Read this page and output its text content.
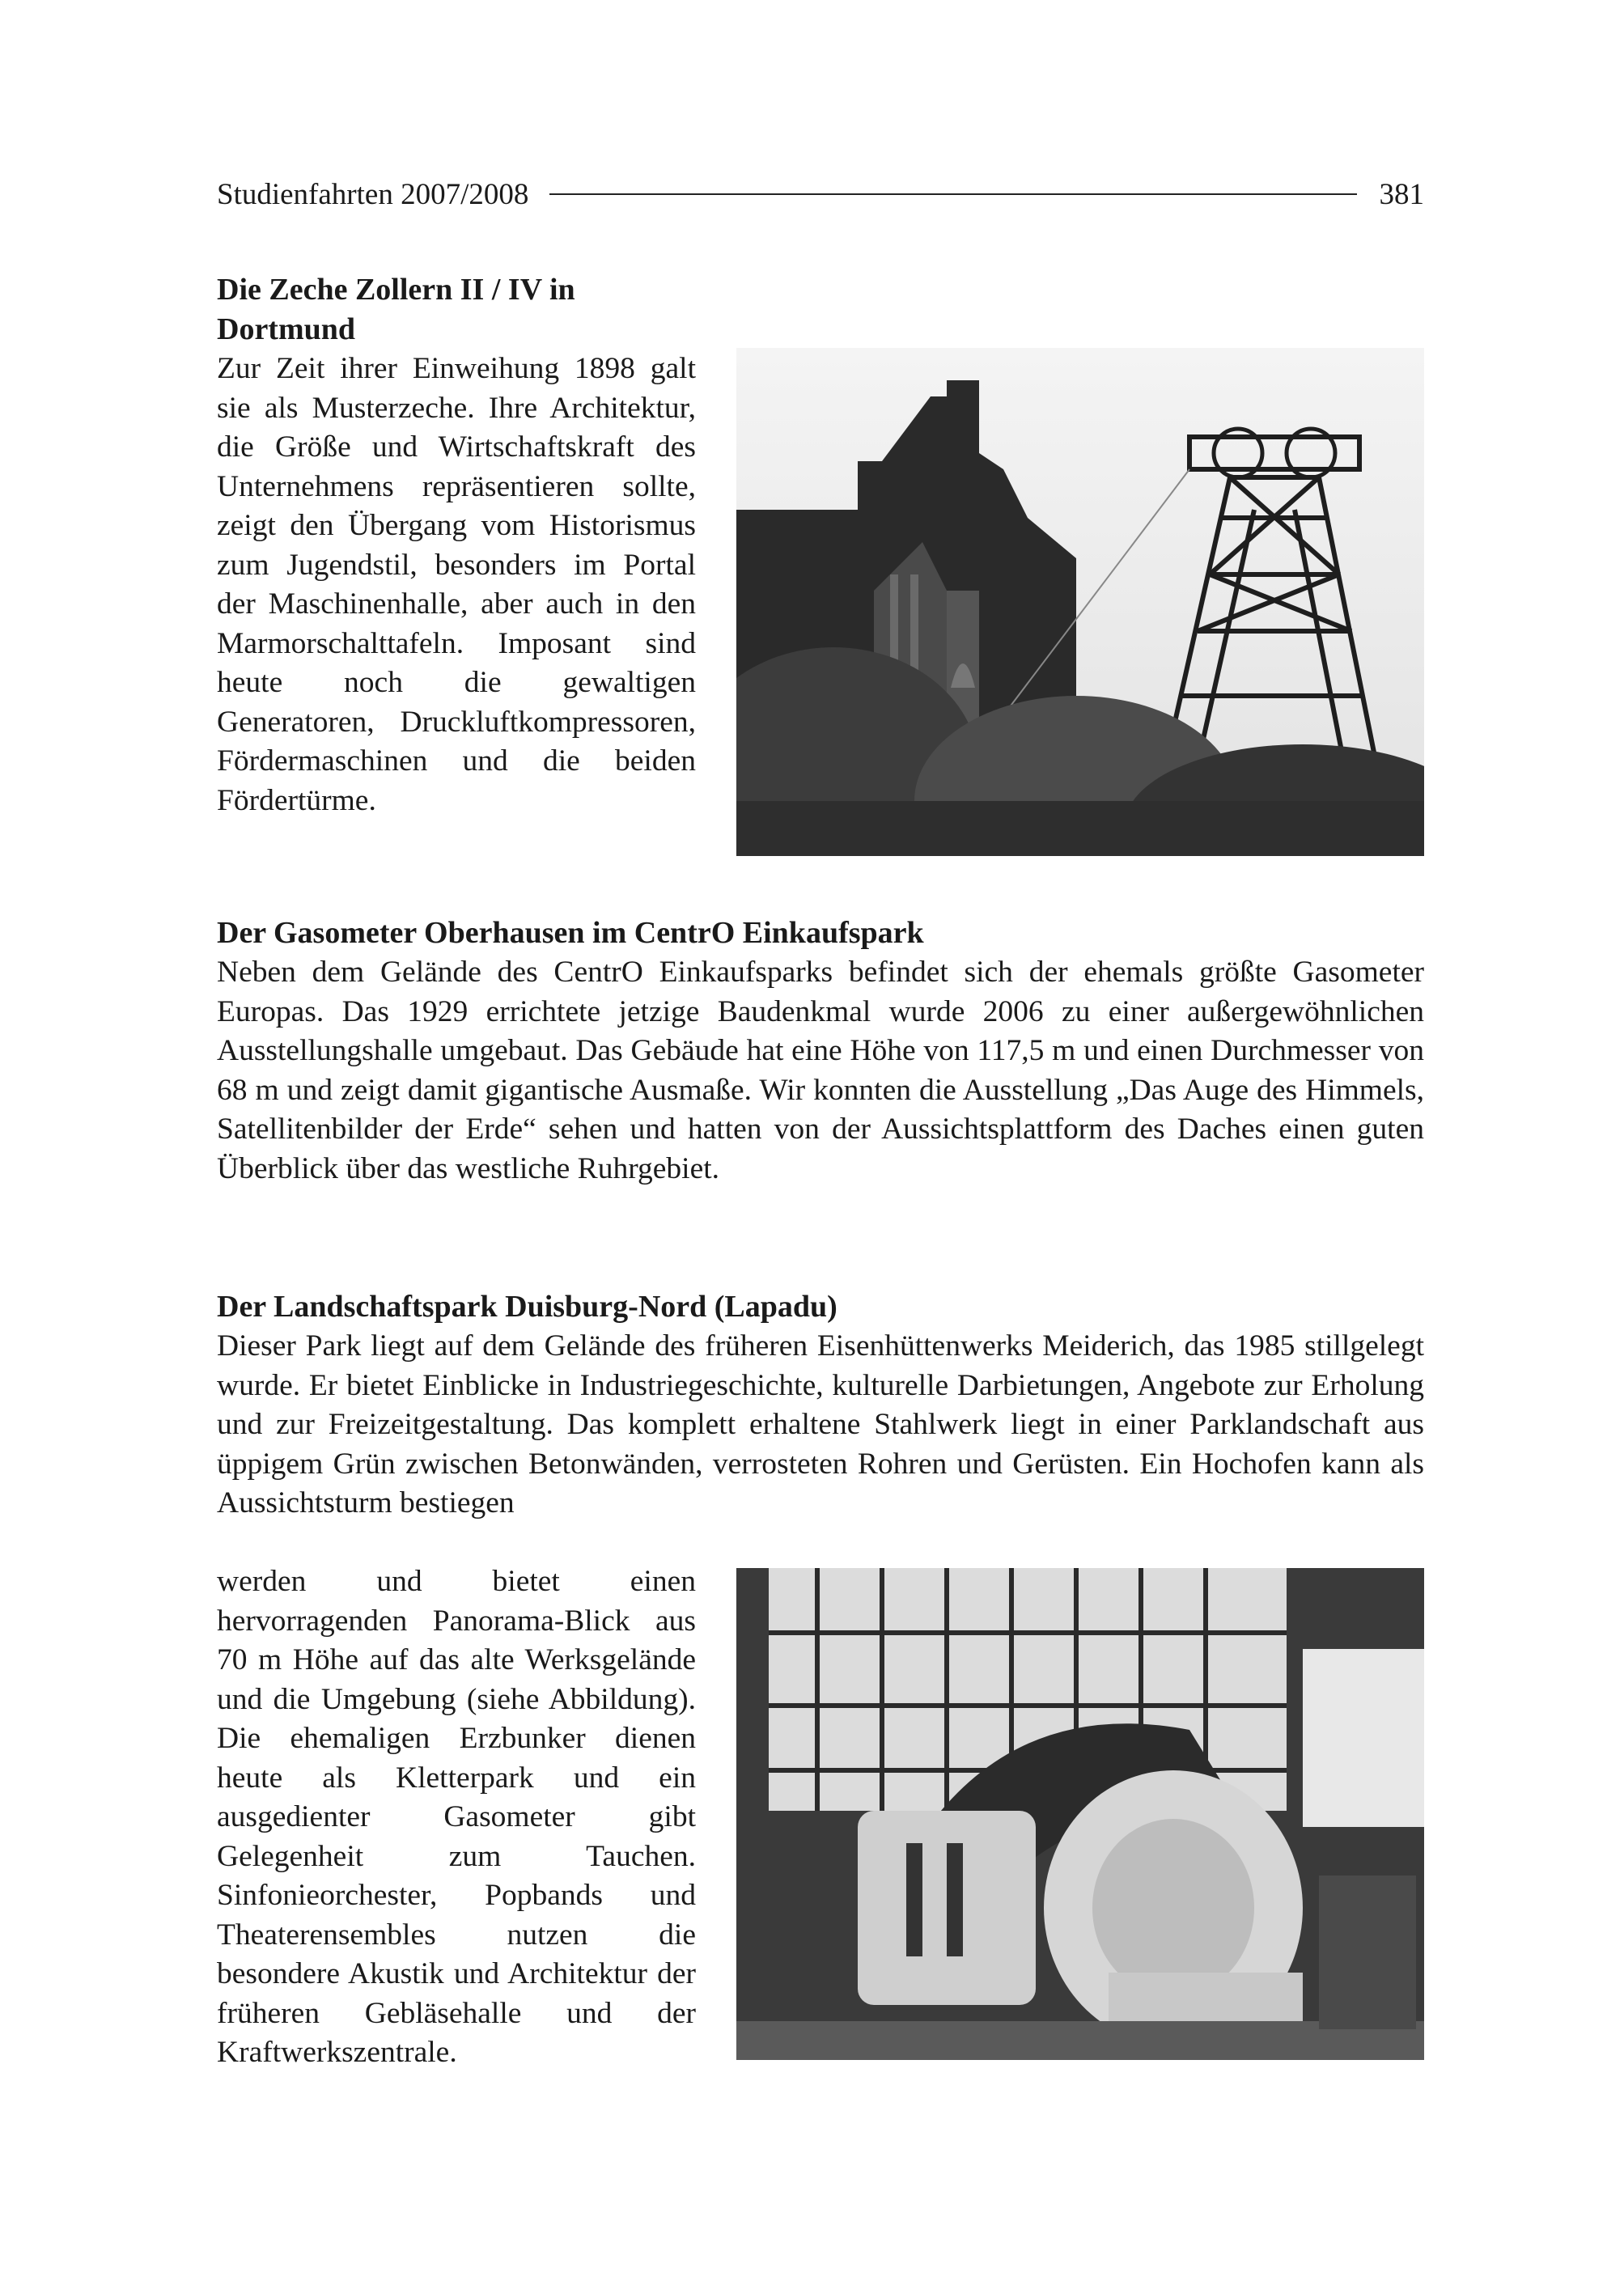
Studienfahrten 2007/2008	381
Die Zeche Zollern II / IV in Dortmund

Zur Zeit ihrer Einweihung 1898 galt sie als Musterzeche. Ihre Architektur, die Größe und Wirtschaftskraft des Unternehmens repräsentieren sollte, zeigt den Übergang vom Historismus zum Jugendstil, besonders im Portal der Maschinenhalle, aber auch in den Marmorschalttafeln. Imposant sind heute noch die gewaltigen Generatoren, Druckluftkompressoren, Fördermaschinen und die beiden Fördertürme.

Der Gasometer Oberhausen im CentrO Einkaufspark

Neben dem Gelände des CentrO Einkaufsparks befindet sich der ehemals größte Gasometer Europas. Das 1929 errichtete jetzige Baudenkmal wurde 2006 zu einer außergewöhnlichen Ausstellungshalle umgebaut. Das Gebäude hat eine Höhe von 117,5 m und einen Durchmesser von 68 m und zeigt damit gigantische Ausmaße. Wir konnten die Ausstellung „Das Auge des Himmels, Satellitenbilder der Erde“ sehen und hatten von der Aussichtsplattform des Daches einen guten Überblick über das westliche Ruhrgebiet.

Der Landschaftspark Duisburg-Nord (Lapadu)

Dieser Park liegt auf dem Gelände des früheren Eisenhüttenwerks Meiderich, das 1985 stillgelegt wurde. Er bietet Einblicke in Industriegeschichte, kulturelle Darbietungen, Angebote zur Erholung und zur Freizeitgestaltung. Das komplett erhaltene Stahlwerk liegt in einer Parklandschaft aus üppigem Grün zwischen Betonwänden, verrosteten Rohren und Gerüsten. Ein Hochofen kann als Aussichtsturm bestiegen

werden und bietet einen hervorragenden Panorama-Blick aus 70 m Höhe auf das alte Werksgelände und die Umgebung (siehe Abbildung). Die ehemaligen Erzbunker dienen heute als Kletterpark und ein ausgedienter Gasometer gibt Gelegenheit zum Tauchen. Sinfonieorchester, Popbands und Theaterensembles nutzen die besondere Akustik und Architektur der früheren Gebläsehalle und der Kraftwerkszentrale.
